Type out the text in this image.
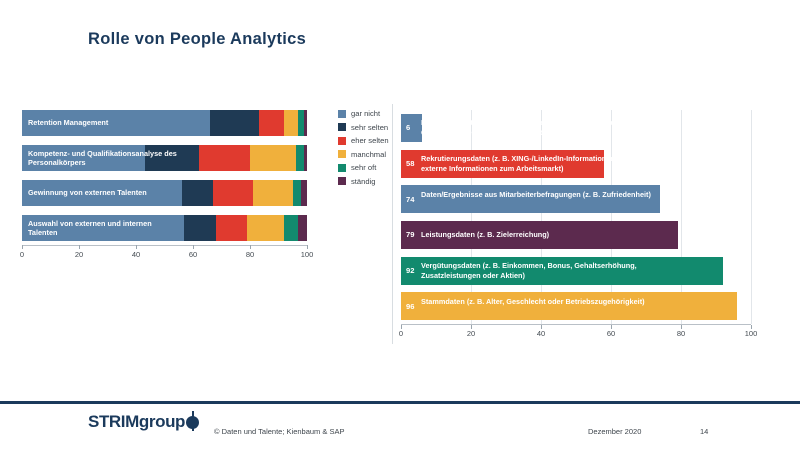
Rolle von People Analytics
Retention Management
Kompetenz- und Qualifikationsanalyse des Personalkörpers
Gewinnung von externen Talenten
Auswahl von externen und internen Talenten
0	20	40	60	80	100
gar nicht
sehr selten
eher selten
manchmal
sehr oft
ständig
6
Beziehungsdaten (z. B. Interaktionen innerhalb von Teams, Geschäftsbereichen und Organisationsstrukturen)
58
Rekrutierungsdaten (z. B. XING-/LinkedIn-Informationen oder externe Informationen zum Arbeitsmarkt)
74
Daten/Ergebnisse aus Mitarbeiterbefragungen (z. B. Zufriedenheit)
79 Leistungsdaten (z. B. Zielerreichung)
92
Vergütungsdaten (z. B. Einkommen, Bonus, Gehaltserhöhung, Zusatzleistungen oder Aktien)
96
Stammdaten (z. B. Alter, Geschlecht oder Betriebszugehörigkeit)
0	20	40	60	80	100
STRIMgroup
© Daten und Talente; Kienbaum & SAP	Dezember 2020	14
